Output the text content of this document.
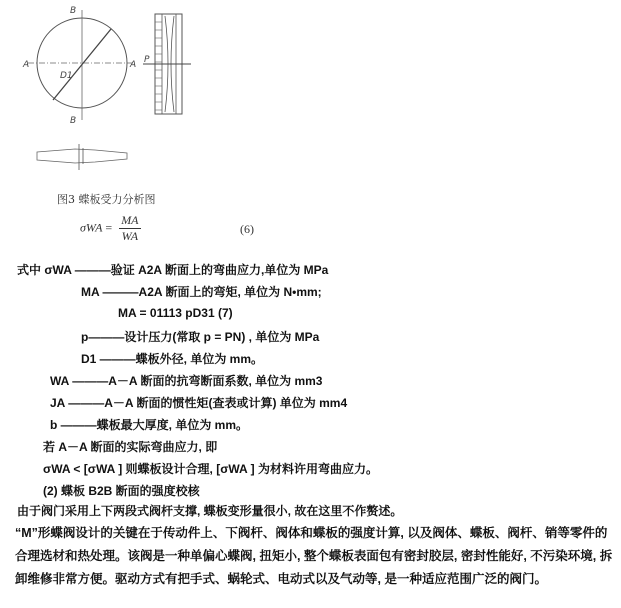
B
B
A	A
D1
P
图3 蝶板受力分析图
$\sigma WA = \frac{MA}{WA}$	(6)
式中 σWA ———验证 A2A 断面上的弯曲应力,单位为 MPa
MA ———A2A 断面上的弯矩, 单位为 N•mm;
MA = 01113 pD31 (7)
p———设计压力(常取 p = PN) , 单位为 MPa
D1 ———蝶板外径, 单位为 mm。
WA ———A－A 断面的抗弯断面系数, 单位为 mm3
JA ———A－A 断面的惯性矩(查表或计算) 单位为 mm4
b ———蝶板最大厚度, 单位为 mm。
若 A－A 断面的实际弯曲应力, 即
σWA < [σWA ] 则蝶板设计合理, [σWA ] 为材料许用弯曲应力。
(2) 蝶板 B2B 断面的强度校核
由于阀门采用上下两段式阀杆支撑, 蝶板变形量很小, 故在这里不作赘述。
“M”形蝶阀设计的关键在于传动件上、下阀杆、阀体和蝶板的强度计算, 以及阀体、蝶板、阀杆、销等零件的合理选材和热处理。该阀是一种单偏心蝶阀, 扭矩小, 整个蝶板表面包有密封胶层, 密封性能好, 不污染环境, 拆卸维修非常方便。驱动方式有把手式、蜗轮式、电动式以及气动等, 是一种适应范围广泛的阀门。
